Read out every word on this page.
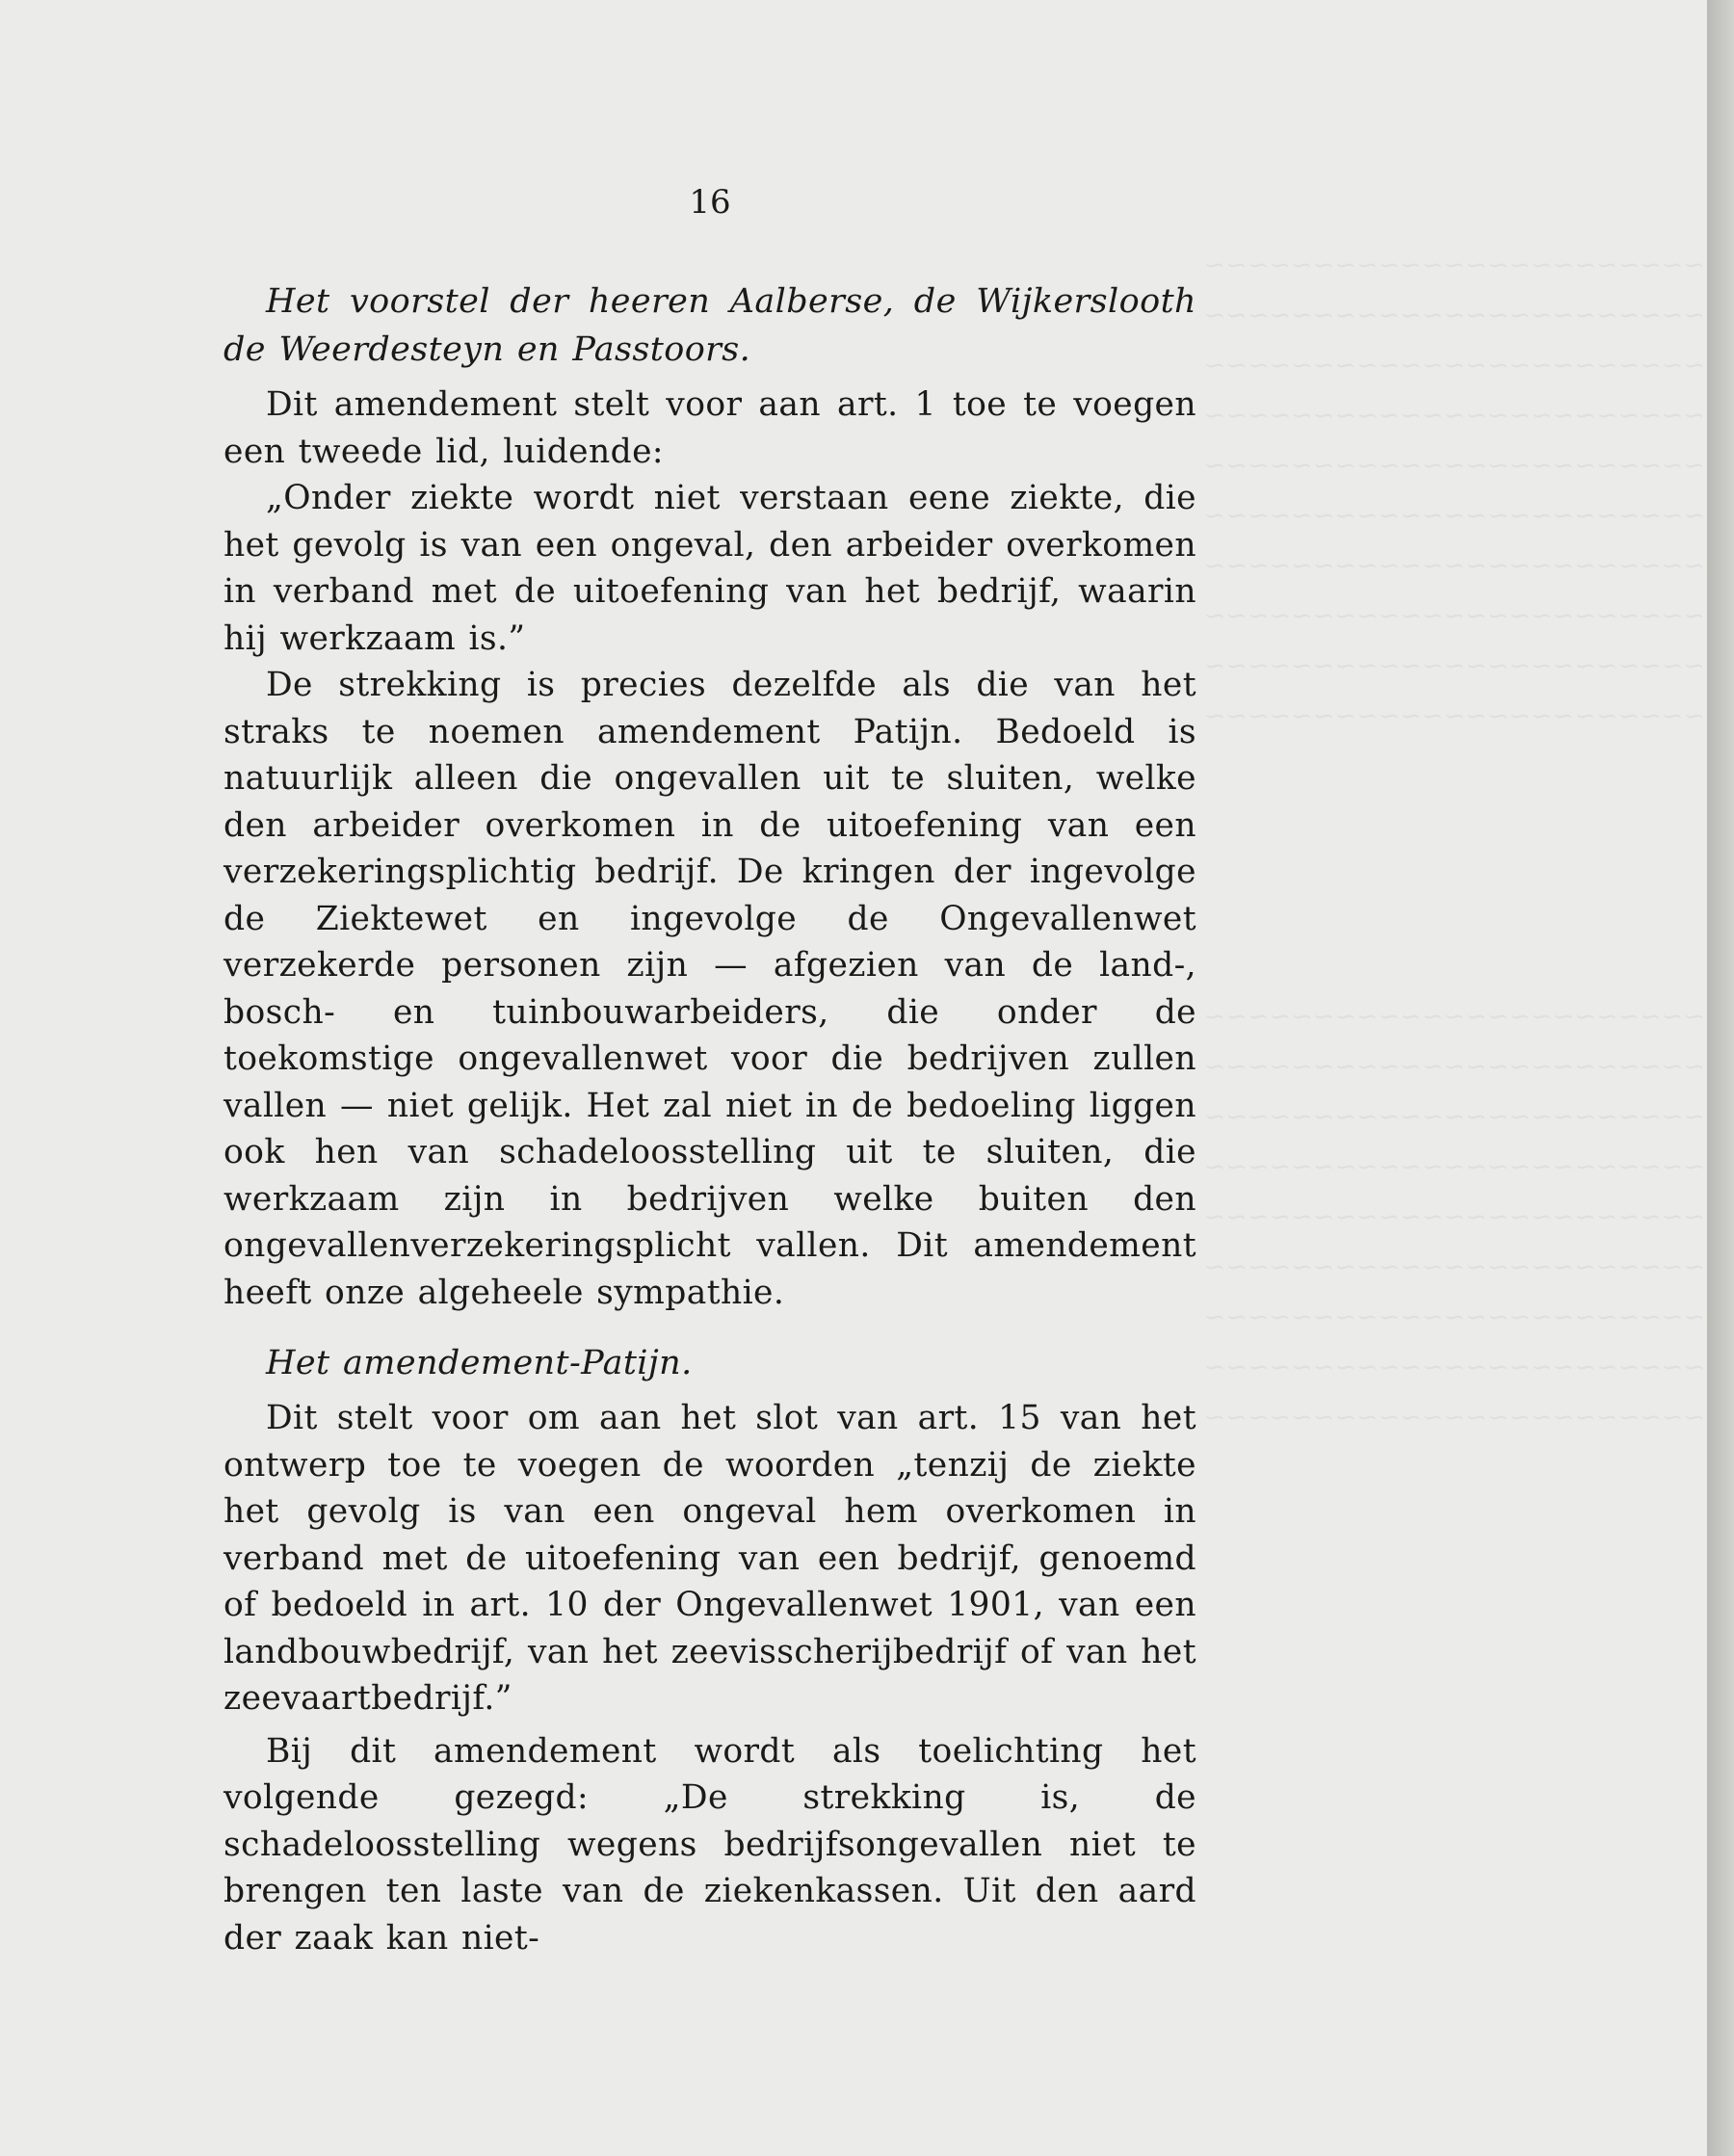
16

Het voorstel der heeren Aalberse, de Wijkerslooth de Weerdesteyn en Passtoors.

Dit amendement stelt voor aan art. 1 toe te voegen een tweede lid, luidende:

„Onder ziekte wordt niet verstaan eene ziekte, die het gevolg is van een ongeval, den arbeider overkomen in verband met de uitoefening van het bedrijf, waarin hij werkzaam is.”

De strekking is precies dezelfde als die van het straks te noemen amendement Patijn. Bedoeld is natuurlijk alleen die ongevallen uit te sluiten, welke den arbeider overkomen in de uitoefening van een verzekeringsplichtig bedrijf. De kringen der ingevolge de Ziektewet en ingevolge de Ongevallenwet verzekerde personen zijn — afgezien van de land-, bosch- en tuinbouwarbeiders, die onder de toekomstige ongevallenwet voor die bedrijven zullen vallen — niet gelijk. Het zal niet in de bedoeling liggen ook hen van schadeloosstelling uit te sluiten, die werkzaam zijn in bedrijven welke buiten den ongevallenverzekeringsplicht vallen. Dit amendement heeft onze algeheele sympathie.

Het amendement-Patijn.

Dit stelt voor om aan het slot van art. 15 van het ontwerp toe te voegen de woorden „tenzij de ziekte het gevolg is van een ongeval hem overkomen in verband met de uitoefening van een bedrijf, genoemd of bedoeld in art. 10 der Ongevallenwet 1901, van een landbouwbedrijf, van het zeevisscherijbedrijf of van het zeevaartbedrijf.”

Bij dit amendement wordt als toelichting het volgende gezegd: „De strekking is, de schadeloosstelling wegens bedrijfsongevallen niet te brengen ten laste van de ziekenkassen. Uit den aard der zaak kan niet-
